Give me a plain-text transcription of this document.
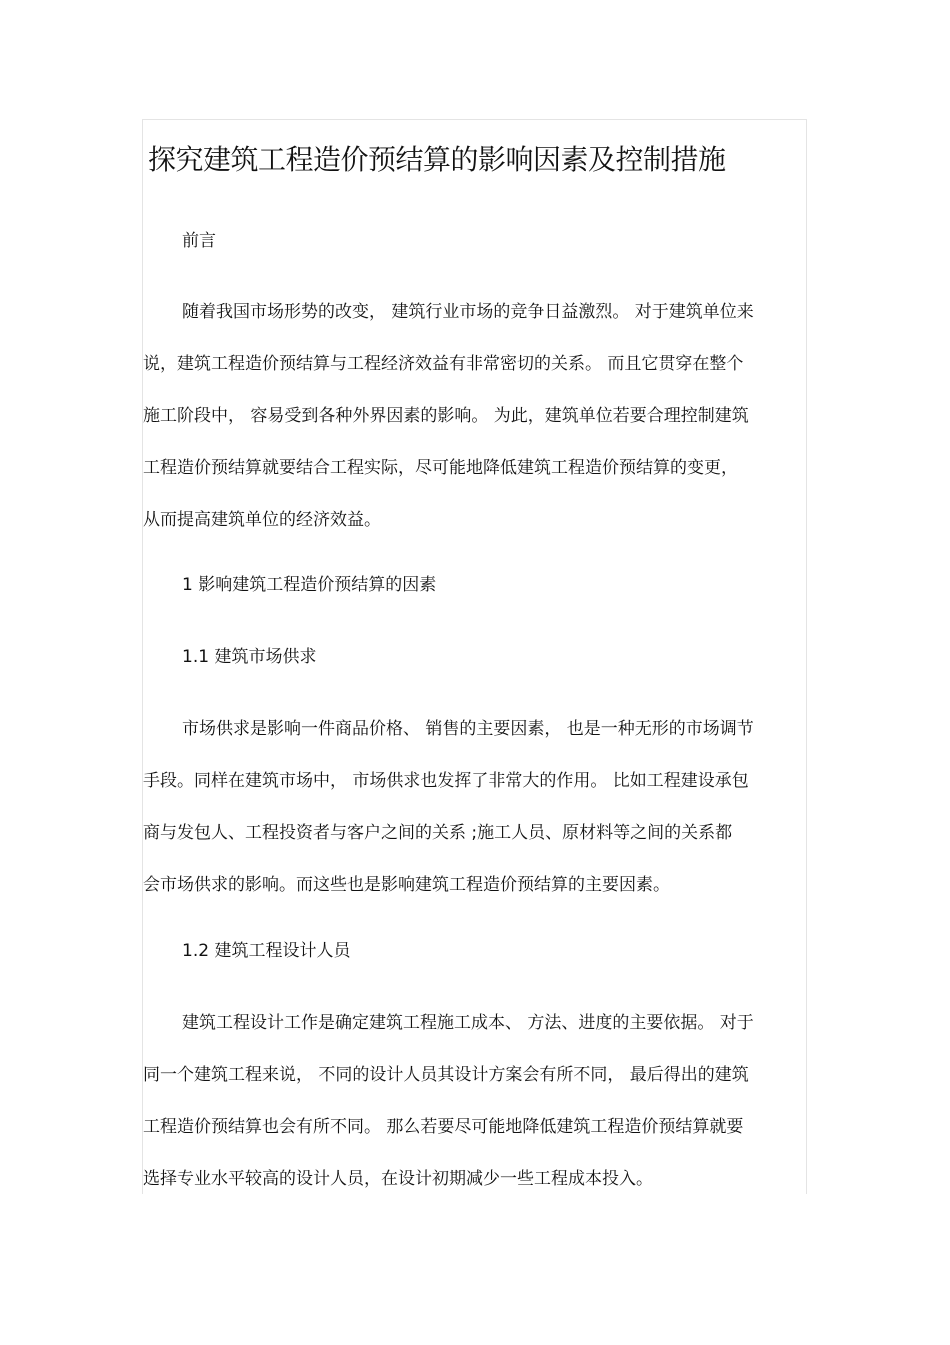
探究建筑工程造价预结算的影响因素及控制措施

前言

随着我国市场形势的改变， 建筑行业市场的竞争日益激烈。 对于建筑单位来
说，建筑工程造价预结算与工程经济效益有非常密切的关系。 而且它贯穿在整个
施工阶段中， 容易受到各种外界因素的影响。 为此，建筑单位若要合理控制建筑
工程造价预结算就要结合工程实际，尽可能地降低建筑工程造价预结算的变更，
从而提高建筑单位的经济效益。

1 影响建筑工程造价预结算的因素

1.1 建筑市场供求

市场供求是影响一件商品价格、 销售的主要因素， 也是一种无形的市场调节
手段。同样在建筑市场中， 市场供求也发挥了非常大的作用。 比如工程建设承包
商与发包人、工程投资者与客户之间的关系 ;施工人员、原材料等之间的关系都
会市场供求的影响。而这些也是影响建筑工程造价预结算的主要因素。

1.2 建筑工程设计人员

建筑工程设计工作是确定建筑工程施工成本、 方法、进度的主要依据。 对于
同一个建筑工程来说， 不同的设计人员其设计方案会有所不同， 最后得出的建筑
工程造价预结算也会有所不同。 那么若要尽可能地降低建筑工程造价预结算就要
选择专业水平较高的设计人员，在设计初期减少一些工程成本投入。
